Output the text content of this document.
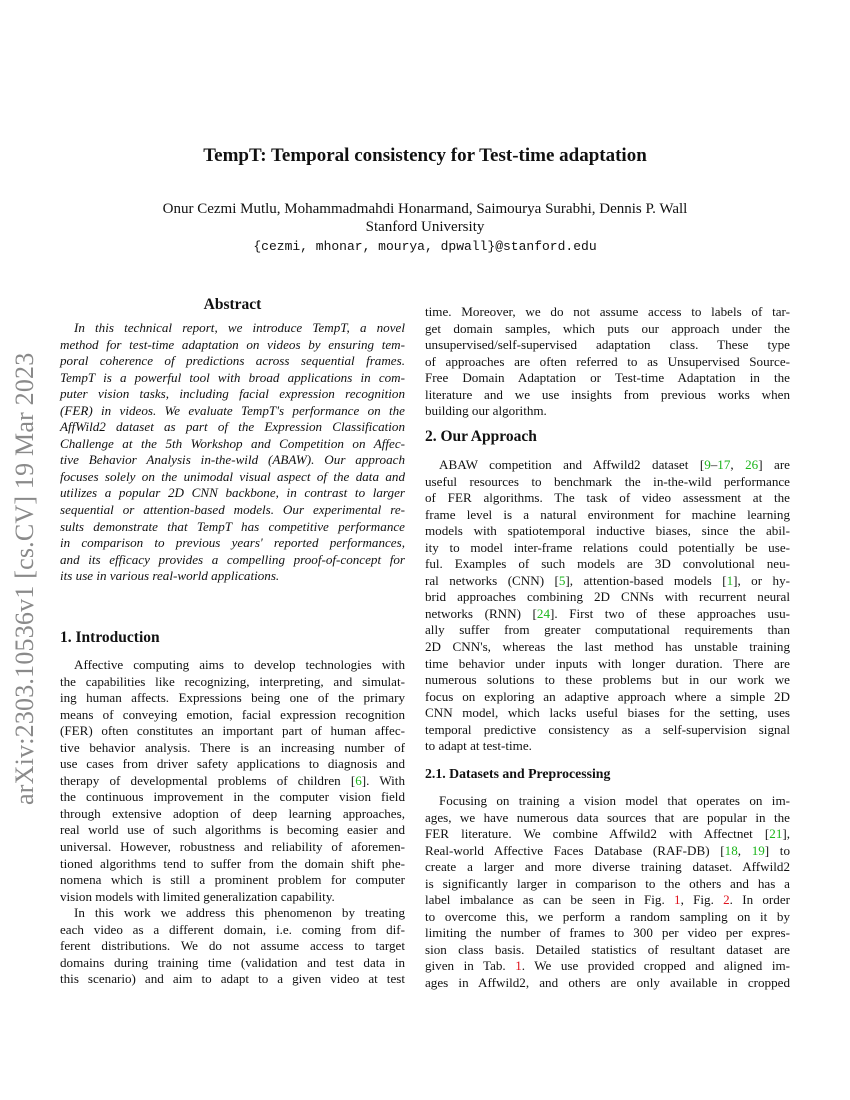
TempT: Temporal consistency for Test-time adaptation
Onur Cezmi Mutlu, Mohammadmahdi Honarmand, Saimourya Surabhi, Dennis P. Wall
Stanford University
{cezmi, mhonar, mourya, dpwall}@stanford.edu
arXiv:2303.10536v1 [cs.CV] 19 Mar 2023
Abstract
In this technical report, we introduce TempT, a novel
method for test-time adaptation on videos by ensuring tem-
poral coherence of predictions across sequential frames.
TempT is a powerful tool with broad applications in com-
puter vision tasks, including facial expression recognition
(FER) in videos. We evaluate TempT's performance on the
AffWild2 dataset as part of the Expression Classification
Challenge at the 5th Workshop and Competition on Affec-
tive Behavior Analysis in-the-wild (ABAW). Our approach
focuses solely on the unimodal visual aspect of the data and
utilizes a popular 2D CNN backbone, in contrast to larger
sequential or attention-based models. Our experimental re-
sults demonstrate that TempT has competitive performance
in comparison to previous years' reported performances,
and its efficacy provides a compelling proof-of-concept for
its use in various real-world applications.
1. Introduction
Affective computing aims to develop technologies with
the capabilities like recognizing, interpreting, and simulat-
ing human affects. Expressions being one of the primary
means of conveying emotion, facial expression recognition
(FER) often constitutes an important part of human affec-
tive behavior analysis. There is an increasing number of
use cases from driver safety applications to diagnosis and
therapy of developmental problems of children [6]. With
the continuous improvement in the computer vision field
through extensive adoption of deep learning approaches,
real world use of such algorithms is becoming easier and
universal. However, robustness and reliability of aforemen-
tioned algorithms tend to suffer from the domain shift phe-
nomena which is still a prominent problem for computer
vision models with limited generalization capability.
In this work we address this phenomenon by treating
each video as a different domain, i.e. coming from dif-
ferent distributions. We do not assume access to target
domains during training time (validation and test data in
this scenario) and aim to adapt to a given video at test
time. Moreover, we do not assume access to labels of tar-
get domain samples, which puts our approach under the
unsupervised/self-supervised adaptation class. These type
of approaches are often referred to as Unsupervised Source-
Free Domain Adaptation or Test-time Adaptation in the
literature and we use insights from previous works when
building our algorithm.
2. Our Approach
ABAW competition and Affwild2 dataset [9–17, 26] are
useful resources to benchmark the in-the-wild performance
of FER algorithms. The task of video assessment at the
frame level is a natural environment for machine learning
models with spatiotemporal inductive biases, since the abil-
ity to model inter-frame relations could potentially be use-
ful. Examples of such models are 3D convolutional neu-
ral networks (CNN) [5], attention-based models [1], or hy-
brid approaches combining 2D CNNs with recurrent neural
networks (RNN) [24]. First two of these approaches usu-
ally suffer from greater computational requirements than
2D CNN's, whereas the last method has unstable training
time behavior under inputs with longer duration. There are
numerous solutions to these problems but in our work we
focus on exploring an adaptive approach where a simple 2D
CNN model, which lacks useful biases for the setting, uses
temporal predictive consistency as a self-supervision signal
to adapt at test-time.
2.1. Datasets and Preprocessing
Focusing on training a vision model that operates on im-
ages, we have numerous data sources that are popular in the
FER literature. We combine Affwild2 with Affectnet [21],
Real-world Affective Faces Database (RAF-DB) [18, 19] to
create a larger and more diverse training dataset. Affwild2
is significantly larger in comparison to the others and has a
label imbalance as can be seen in Fig. 1, Fig. 2. In order
to overcome this, we perform a random sampling on it by
limiting the number of frames to 300 per video per expres-
sion class basis. Detailed statistics of resultant dataset are
given in Tab. 1. We use provided cropped and aligned im-
ages in Affwild2, and others are only available in cropped
